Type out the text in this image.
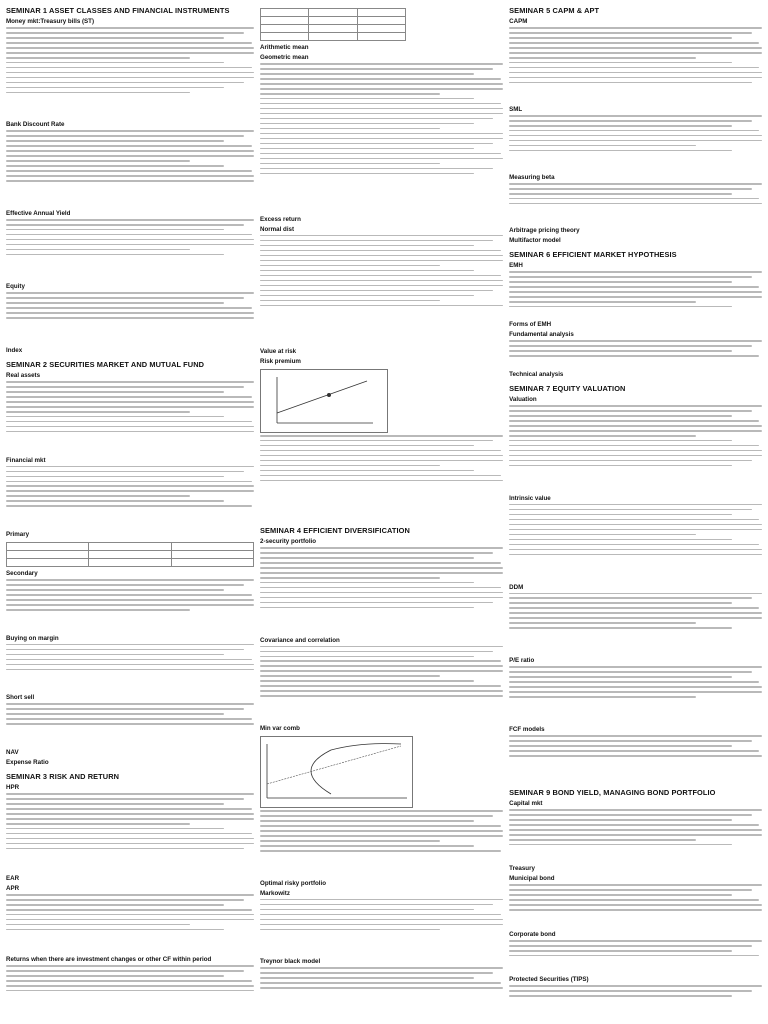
SEMINAR 1 ASSET CLASSES AND FINANCIAL INSTRUMENTS
Money mkt:Treasury bills (ST)
Bank Discount Rate
Effective Annual Yield
Equity
Index
SEMINAR 2 SECURITIES MARKET AND MUTUAL FUND
Real assets
Financial mkt
Primary

Secondary
Buying on margin
Short sell
NAV
Expense Ratio
SEMINAR 3 RISK AND RETURN
HPR
EAR
APR
Returns when there are investment changes or other CF within period

Arithmetic mean
Geometric mean
Excess return
Normal dist
Value at risk
Risk premium
SEMINAR 4 EFFICIENT DIVERSIFICATION
2-security portfolio
Covariance and correlation
Min var comb
Optimal risky portfolio
Markowitz
Treynor black model
SEMINAR 5 CAPM & APT
CAPM
SML
Measuring beta
Arbitrage pricing theory
Multifactor model
SEMINAR 6 EFFICIENT MARKET HYPOTHESIS
EMH
Forms of EMH
Fundamental analysis
Technical analysis
SEMINAR 7 EQUITY VALUATION
Valuation
Intrinsic value
DDM
P/E ratio
FCF models
SEMINAR 9 BOND YIELD, MANAGING BOND PORTFOLIO
Capital mkt
Treasury
Municipal bond
Corporate bond
Protected Securities (TIPS)
